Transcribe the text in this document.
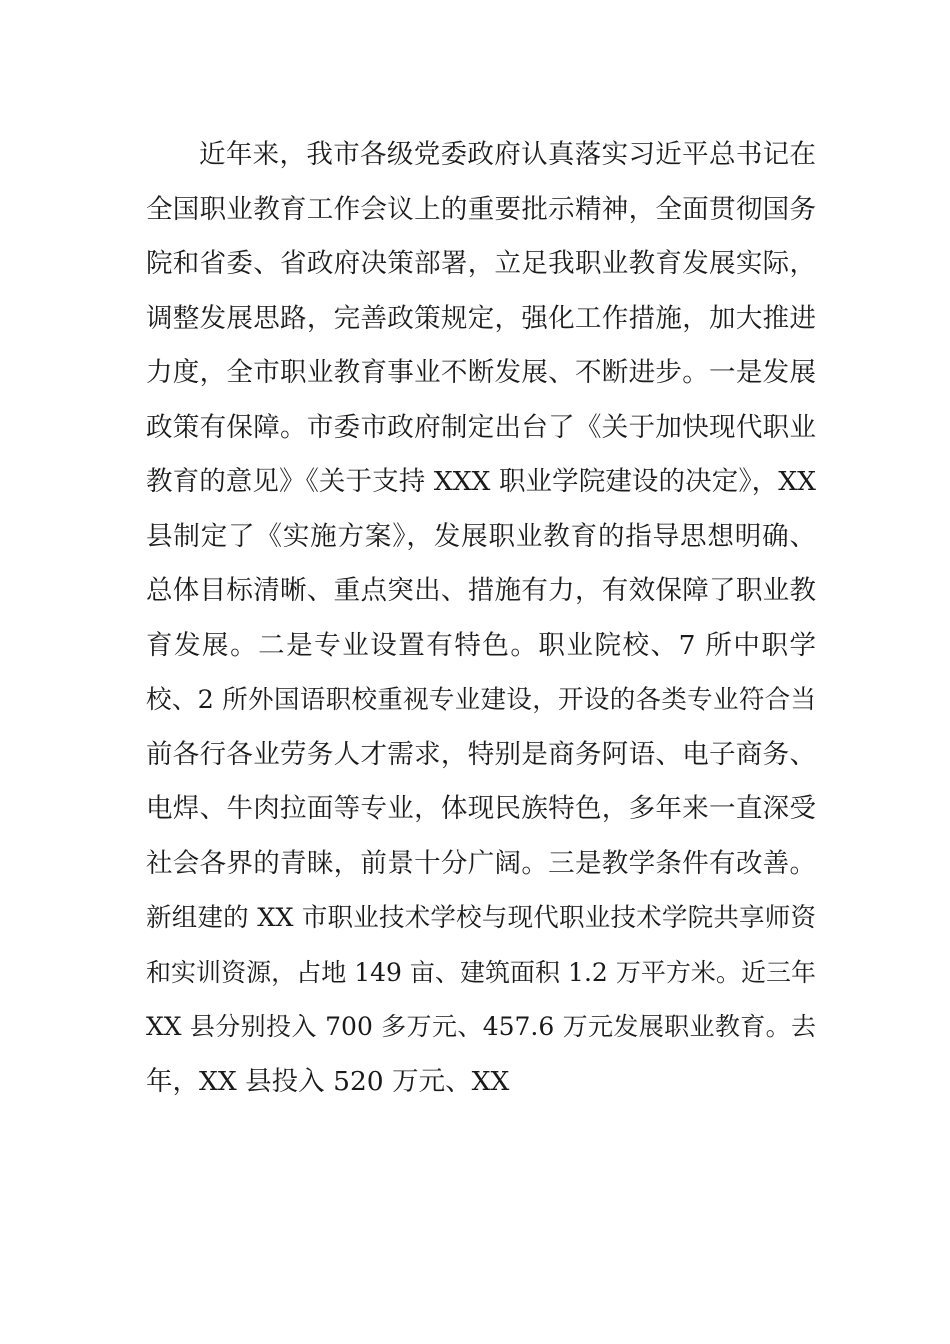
近年来，我市各级党委政府认真落实习近平总书记在
全国职业教育工作会议上的重要批示精神，全面贯彻国务
院和省委、省政府决策部署，立足我职业教育发展实际，
调整发展思路，完善政策规定，强化工作措施，加大推进
力度，全市职业教育事业不断发展、不断进步。一是发展
政策有保障。市委市政府制定出台了《关于加快现代职业
教育的意见》《关于支持 XXX 职业学院建设的决定》，XX
县制定了《实施方案》，发展职业教育的指导思想明确、
总体目标清晰、重点突出、措施有力，有效保障了职业教
育发展。二是专业设置有特色。职业院校、7 所中职学
校、2 所外国语职校重视专业建设，开设的各类专业符合当
前各行各业劳务人才需求，特别是商务阿语、电子商务、
电焊、牛肉拉面等专业，体现民族特色，多年来一直深受
社会各界的青睐，前景十分广阔。三是教学条件有改善。
新组建的 XX 市职业技术学校与现代职业技术学院共享师资
和实训资源，占地 149 亩、建筑面积 1.2 万平方米。近三年
XX 县分别投入 700 多万元、457.6 万元发展职业教育。去
年，XX 县投入 520 万元、XX
